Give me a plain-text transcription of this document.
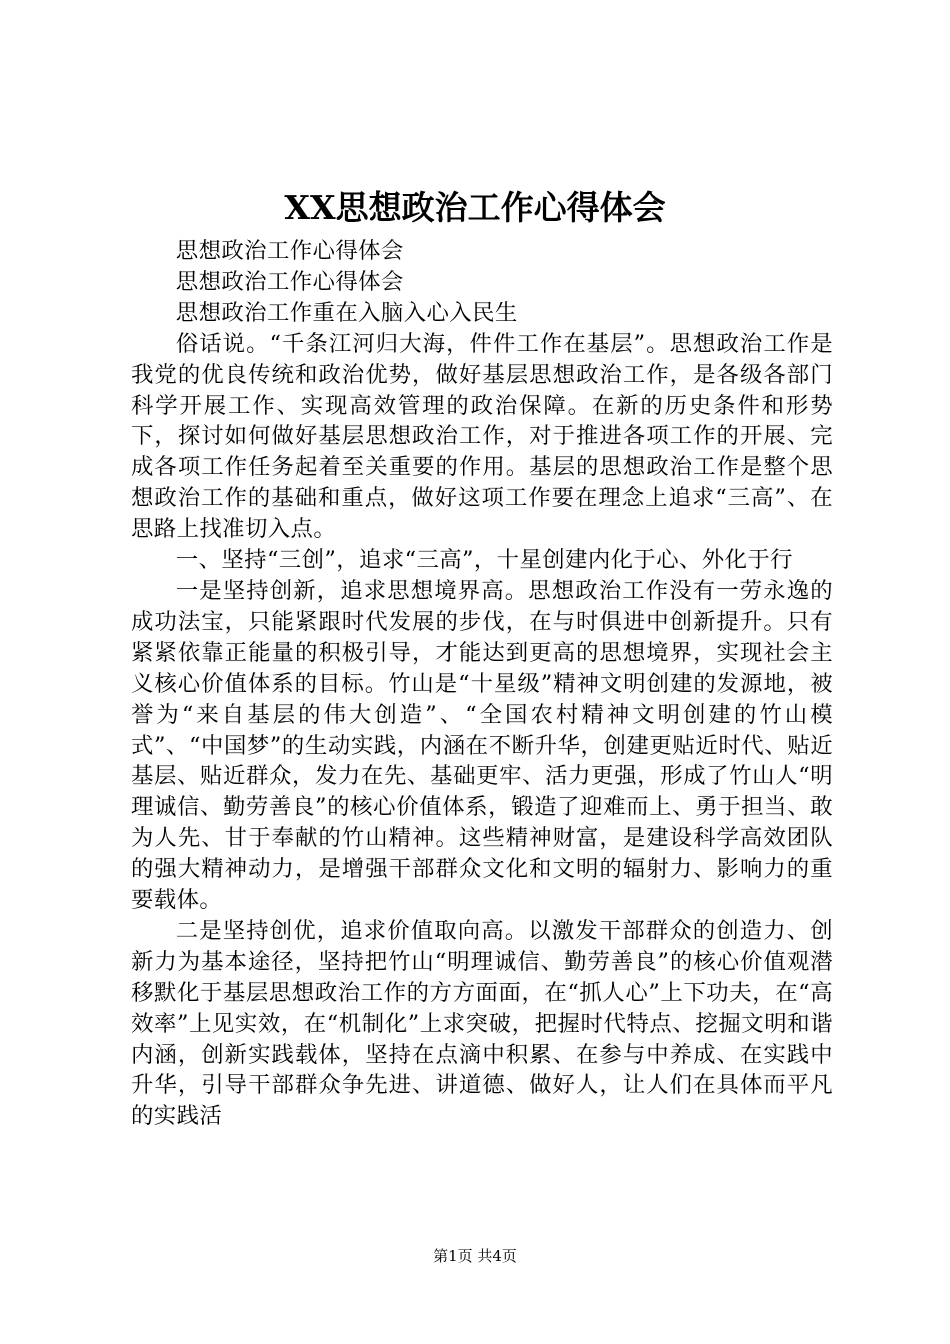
XX思想政治工作心得体会

思想政治工作心得体会

思想政治工作心得体会

思想政治工作重在入脑入心入民生

俗话说。“千条江河归大海，件件工作在基层”。思想政治工作是我党的优良传统和政治优势，做好基层思想政治工作，是各级各部门科学开展工作、实现高效管理的政治保障。在新的历史条件和形势下，探讨如何做好基层思想政治工作，对于推进各项工作的开展、完成各项工作任务起着至关重要的作用。基层的思想政治工作是整个思想政治工作的基础和重点，做好这项工作要在理念上追求“三高”、在思路上找准切入点。

一、坚持“三创”，追求“三高”，十星创建内化于心、外化于行

一是坚持创新，追求思想境界高。思想政治工作没有一劳永逸的成功法宝，只能紧跟时代发展的步伐，在与时俱进中创新提升。只有紧紧依靠正能量的积极引导，才能达到更高的思想境界，实现社会主义核心价值体系的目标。竹山是“十星级”精神文明创建的发源地，被誉为“来自基层的伟大创造”、“全国农村精神文明创建的竹山模式”、“中国梦”的生动实践，内涵在不断升华，创建更贴近时代、贴近基层、贴近群众，发力在先、基础更牢、活力更强，形成了竹山人“明理诚信、勤劳善良”的核心价值体系，锻造了迎难而上、勇于担当、敢为人先、甘于奉献的竹山精神。这些精神财富，是建设科学高效团队的强大精神动力，是增强干部群众文化和文明的辐射力、影响力的重要载体。

二是坚持创优，追求价值取向高。以激发干部群众的创造力、创新力为基本途径，坚持把竹山“明理诚信、勤劳善良”的核心价值观潜移默化于基层思想政治工作的方方面面，在“抓人心”上下功夫，在“高效率”上见实效，在“机制化”上求突破，把握时代特点、挖掘文明和谐内涵，创新实践载体，坚持在点滴中积累、在参与中养成、在实践中升华，引导干部群众争先进、讲道德、做好人，让人们在具体而平凡的实践活

第1页 共4页
